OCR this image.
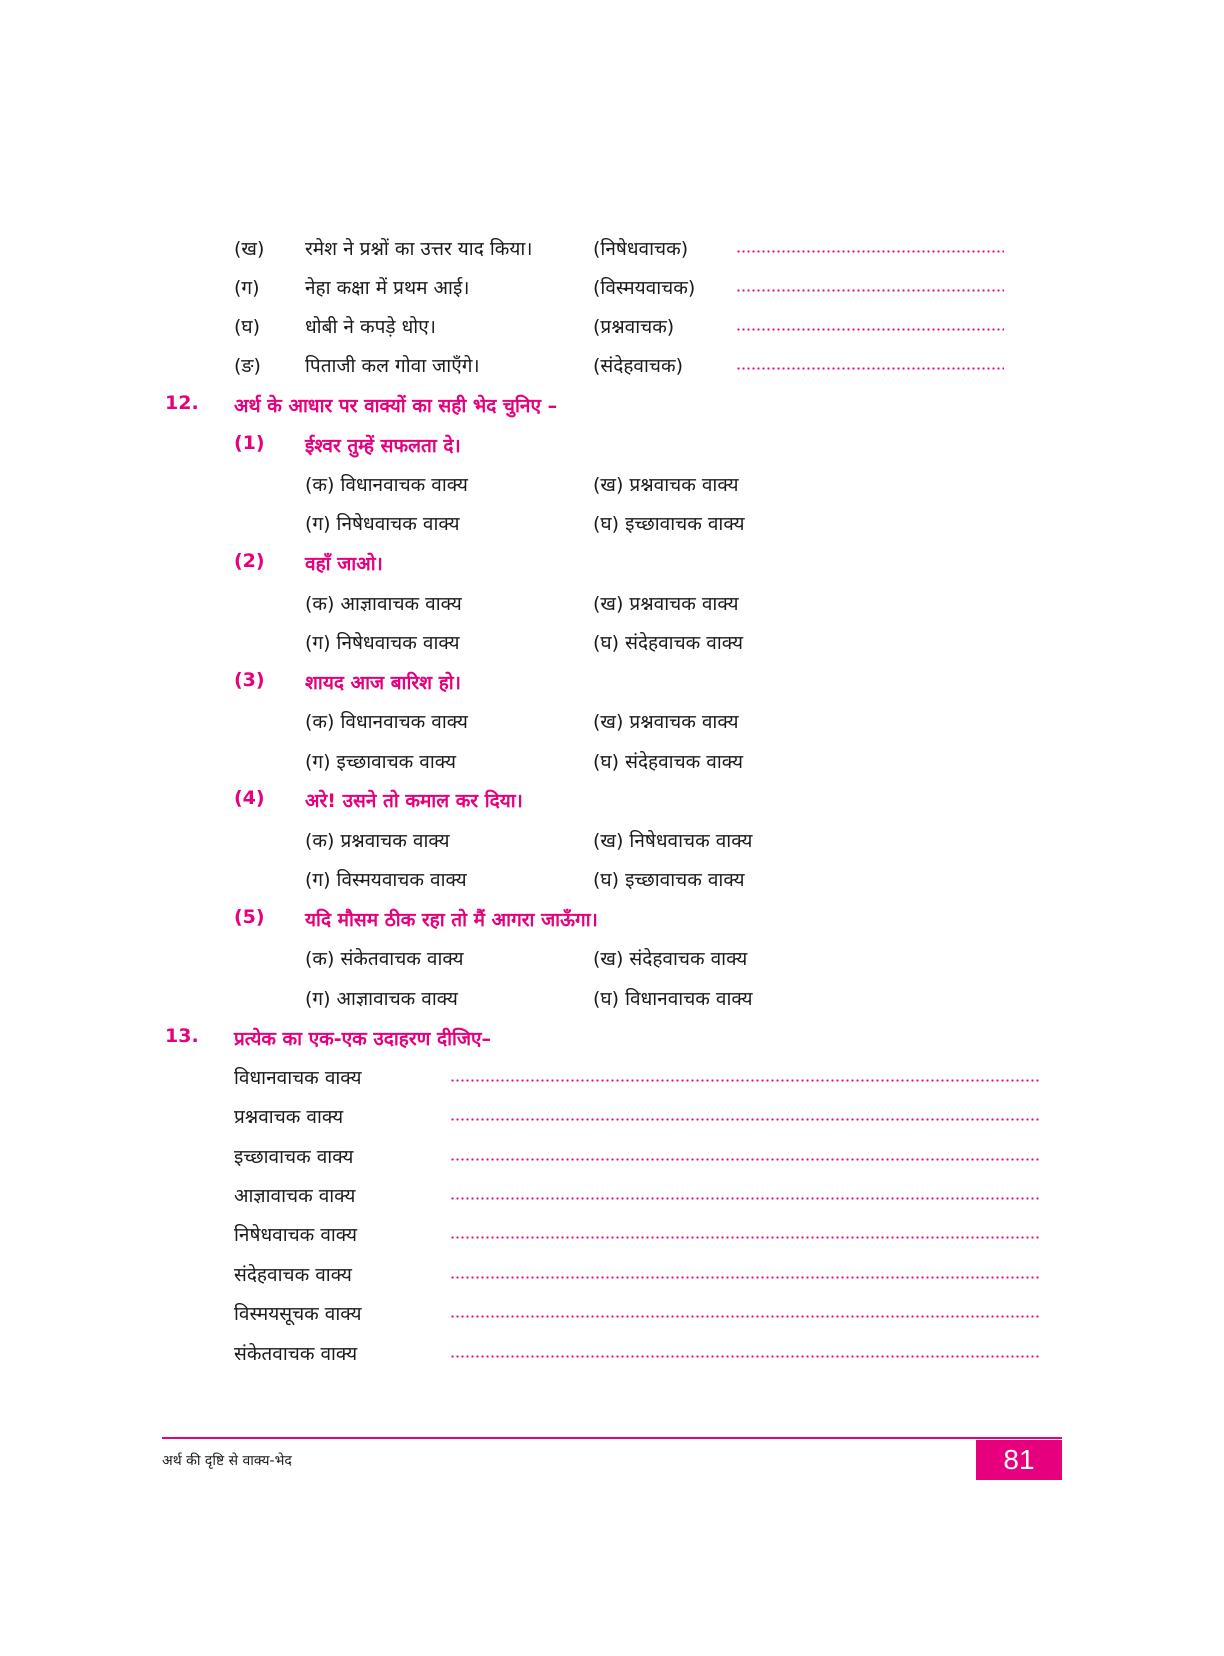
(ख) रमेश ने प्रश्नों का उत्तर याद किया।	(निषेधवाचक)
(ग) नेहा कक्षा में प्रथम आई।	(विस्मयवाचक)
(घ) धोबी ने कपड़े धोए।	(प्रश्नवाचक)
(ङ) पिताजी कल गोवा जाएँगे।	(संदेहवाचक)
12. अर्थ के आधार पर वाक्यों का सही भेद चुनिए –
(1) ईश्वर तुम्हें सफलता दे।
(क) विधानवाचक वाक्य	(ख) प्रश्नवाचक वाक्य
(ग) निषेधवाचक वाक्य	(घ) इच्छावाचक वाक्य
(2) वहाँ जाओ।
(क) आज्ञावाचक वाक्य	(ख) प्रश्नवाचक वाक्य
(ग) निषेधवाचक वाक्य	(घ) संदेहवाचक वाक्य
(3) शायद आज बारिश हो।
(क) विधानवाचक वाक्य	(ख) प्रश्नवाचक वाक्य
(ग) इच्छावाचक वाक्य	(घ) संदेहवाचक वाक्य
(4) अरे! उसने तो कमाल कर दिया।
(क) प्रश्नवाचक वाक्य	(ख) निषेधवाचक वाक्य
(ग) विस्मयवाचक वाक्य	(घ) इच्छावाचक वाक्य
(5) यदि मौसम ठीक रहा तो मैं आगरा जाऊँगा।
(क) संकेतवाचक वाक्य	(ख) संदेहवाचक वाक्य
(ग) आज्ञावाचक वाक्य	(घ) विधानवाचक वाक्य
13. प्रत्येक का एक-एक उदाहरण दीजिए–
विधानवाचक वाक्य
प्रश्नवाचक वाक्य
इच्छावाचक वाक्य
आज्ञावाचक वाक्य
निषेधवाचक वाक्य
संदेहवाचक वाक्य
विस्मयसूचक वाक्य
संकेतवाचक वाक्य
अर्थ की दृष्टि से वाक्य-भेद	81
